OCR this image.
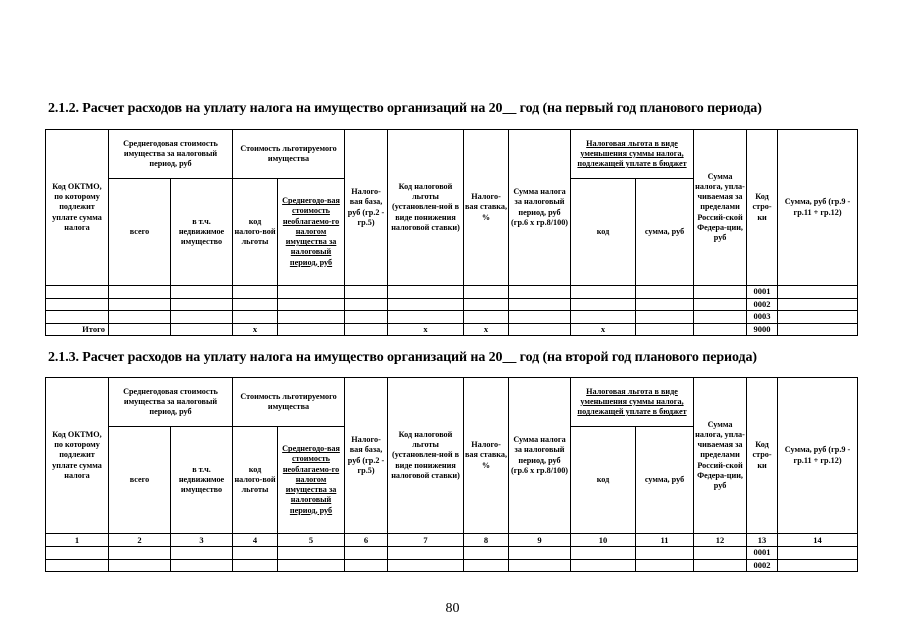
2.1.2. Расчет расходов на уплату налога на имущество организаций на 20__ год (на первый год планового периода)
Код ОКТМО, по которому подлежит уплате сумма налога	Среднегодовая стоимость имущества за налоговый период, руб		Стоимость льготируемого имущества		Налого-вая база, руб (гр.2 - гр.5)	Код налоговой льготы (установлен-ной в виде понижения налоговой ставки)	Налого-вая ставка, %	Сумма налога за налоговый период, руб (гр.6 x гр.8/100)	Налоговая льгота в виде уменьшения суммы налога, подлежащей уплате в бюджет		Сумма налога, упла-чиваемая за пределами Россий-ской Федера-ции, руб	Код стро-ки	Сумма, руб (гр.9 - гр.11 + гр.12)
	всего	в т.ч. недвижимое имущество	код налого-вой льготы	Среднегодо-вая стоимость необлагаемо-го налогом имущества за налоговый период, руб					код	сумма, руб			
												0001	
												0002	
												0003	
Итого			x			x	x		x			9000	
2.1.3. Расчет расходов на уплату налога на имущество организаций на 20__ год (на второй год планового периода)
Код ОКТМО, по которому подлежит уплате сумма налога	Среднегодовая стоимость имущества за налоговый период, руб		Стоимость льготируемого имущества		Налого-вая база, руб (гр.2 - гр.5)	Код налоговой льготы (установлен-ной в виде понижения налоговой ставки)	Налого-вая ставка, %	Сумма налога за налоговый период, руб (гр.6 x гр.8/100)	Налоговая льгота в виде уменьшения суммы налога, подлежащей уплате в бюджет		Сумма налога, упла-чиваемая за пределами Россий-ской Федера-ции, руб	Код стро-ки	Сумма, руб (гр.9 - гр.11 + гр.12)
	всего	в т.ч. недвижимое имущество	код налого-вой льготы	Среднегодо-вая стоимость необлагаемо-го налогом имущества за налоговый период, руб					код	сумма, руб			
1	2	3	4	5	6	7	8	9	10	11	12	13	14
												0001	
												0002	
80
